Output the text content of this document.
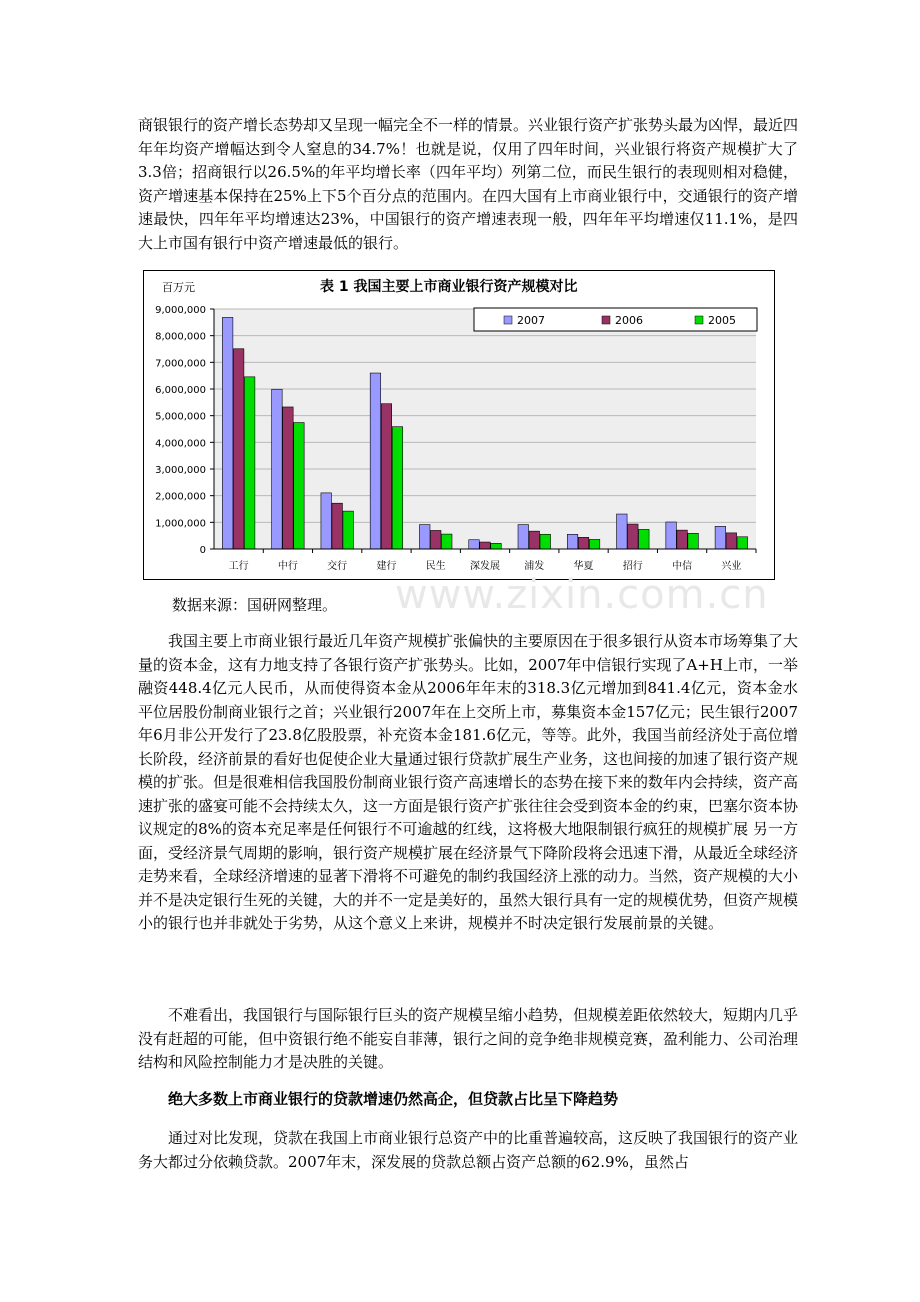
商银银行的资产增长态势却又呈现一幅完全不一样的情景。兴业银行资产扩张势头最为凶悍，最近四年年均资产增幅达到令人窒息的34.7%！也就是说，仅用了四年时间，兴业银行将资产规模扩大了3.3倍；招商银行以26.5%的年平均增长率（四年平均）列第二位，而民生银行的表现则相对稳健，资产增速基本保持在25%上下5个百分点的范围内。在四大国有上市商业银行中，交通银行的资产增速最快，四年年平均增速达23%，中国银行的资产增速表现一般，四年年平均增速仅11.1%，是四大上市国有银行中资产增速最低的银行。

百万元	表 1 我国主要上市商业银行资产规模对比
0
1,000,000
2,000,000
3,000,000
4,000,000
5,000,000
6,000,000
7,000,000
8,000,000
9,000,000
工行	中行	交行	建行	民生 深发展 浦发	华夏	招行	中信	兴业
2007	2006	2005
www.zixin.com.cn

数据来源：国研网整理。

我国主要上市商业银行最近几年资产规模扩张偏快的主要原因在于很多银行从资本市场筹集了大量的资本金，这有力地支持了各银行资产扩张势头。比如，2007年中信银行实现了A+H上市，一举融资448.4亿元人民币，从而使得资本金从2006年年末的318.3亿元增加到841.4亿元，资本金水平位居股份制商业银行之首；兴业银行2007年在上交所上市，募集资本金157亿元；民生银行2007年6月非公开发行了23.8亿股股票，补充资本金181.6亿元，等等。此外，我国当前经济处于高位增长阶段，经济前景的看好也促使企业大量通过银行贷款扩展生产业务，这也间接的加速了银行资产规模的扩张。但是很难相信我国股份制商业银行资产高速增长的态势在接下来的数年内会持续，资产高速扩张的盛宴可能不会持续太久，这一方面是银行资产扩张往往会受到资本金的约束，巴塞尔资本协议规定的8%的资本充足率是任何银行不可逾越的红线，这将极大地限制银行疯狂的规模扩展 另一方面，受经济景气周期的影响，银行资产规模扩展在经济景气下降阶段将会迅速下滑，从最近全球经济走势来看，全球经济增速的显著下滑将不可避免的制约我国经济上涨的动力。当然，资产规模的大小并不是决定银行生死的关键，大的并不一定是美好的，虽然大银行具有一定的规模优势，但资产规模小的银行也并非就处于劣势，从这个意义上来讲，规模并不时决定银行发展前景的关键。

不难看出，我国银行与国际银行巨头的资产规模呈缩小趋势，但规模差距依然较大，短期内几乎没有赶超的可能，但中资银行绝不能妄自菲薄，银行之间的竞争绝非规模竞赛，盈利能力、公司治理结构和风险控制能力才是决胜的关键。

绝大多数上市商业银行的贷款增速仍然高企，但贷款占比呈下降趋势

通过对比发现，贷款在我国上市商业银行总资产中的比重普遍较高，这反映了我国银行的资产业务大都过分依赖贷款。2007年末，深发展的贷款总额占资产总额的62.9%，虽然占
